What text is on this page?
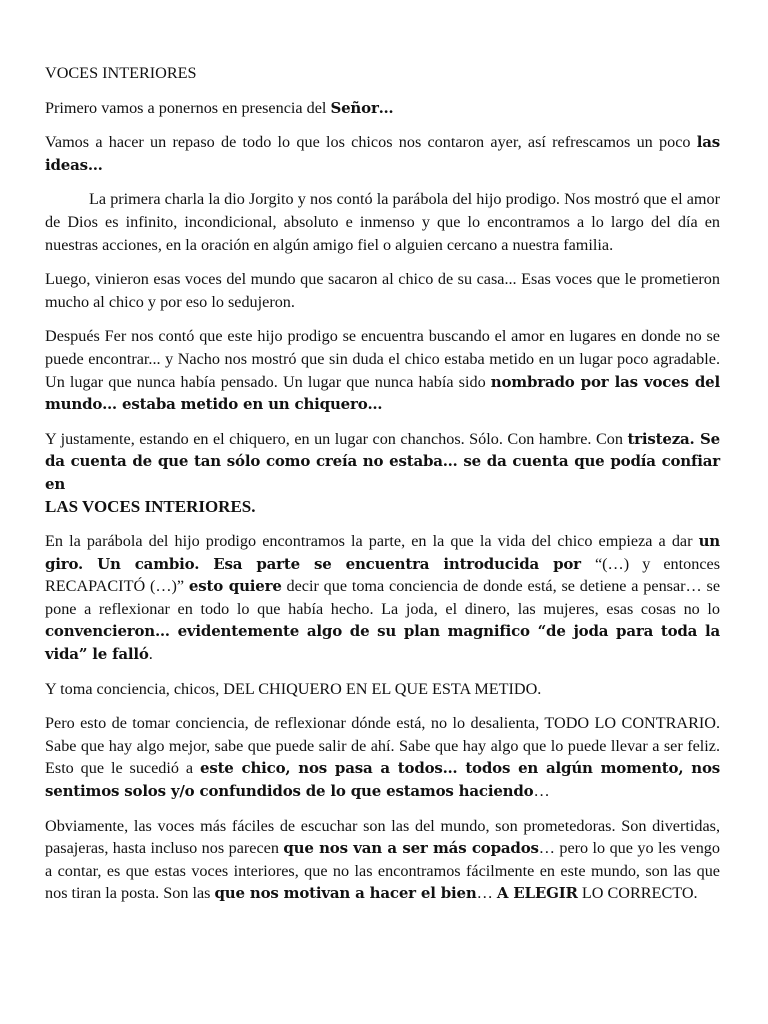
VOCES INTERIORES

Primero vamos a ponernos en presencia del Señor…

Vamos a hacer un repaso de todo lo que los chicos nos contaron ayer, así refrescamos un poco las ideas…

La primera charla la dio Jorgito y nos contó la parábola del hijo prodigo. Nos mostró que el amor de Dios es infinito, incondicional, absoluto e inmenso y que lo encontramos a lo largo del día en nuestras acciones, en la oración en algún amigo fiel o alguien cercano a nuestra familia.

Luego, vinieron esas voces del mundo que sacaron al chico de su casa... Esas voces que le prometieron mucho al chico y por eso lo sedujeron.

Después Fer nos contó que este hijo prodigo se encuentra buscando el amor en lugares en donde no se puede encontrar... y Nacho nos mostró que sin duda el chico estaba metido en un lugar poco agradable. Un lugar que nunca había pensado. Un lugar que nunca había sido nombrado por las voces del mundo… estaba metido en un chiquero…

Y justamente, estando en el chiquero, en un lugar con chanchos. Sólo. Con hambre. Con tristeza. Se da cuenta de que tan sólo como creía no estaba… se da cuenta que podía confiar en
LAS VOCES INTERIORES.

En la parábola del hijo prodigo encontramos la parte, en la que la vida del chico empieza a dar un giro. Un cambio. Esa parte se encuentra introducida por “(…) y entonces RECAPACITÓ (…)” esto quiere decir que toma conciencia de donde está, se detiene a pensar… se pone a reflexionar en todo lo que había hecho. La joda, el dinero, las mujeres, esas cosas no lo convencieron… evidentemente algo de su plan magnifico “de joda para toda la vida” le falló.

Y toma conciencia, chicos, DEL CHIQUERO EN EL QUE ESTA METIDO.

Pero esto de tomar conciencia, de reflexionar dónde está, no lo desalienta, TODO LO CONTRARIO. Sabe que hay algo mejor, sabe que puede salir de ahí. Sabe que hay algo que lo puede llevar a ser feliz. Esto que le sucedió a este chico, nos pasa a todos… todos en algún momento, nos sentimos solos y/o confundidos de lo que estamos haciendo…

Obviamente, las voces más fáciles de escuchar son las del mundo, son prometedoras. Son divertidas, pasajeras, hasta incluso nos parecen que nos van a ser más copados… pero lo que yo les vengo a contar, es que estas voces interiores, que no las encontramos fácilmente en este mundo, son las que nos tiran la posta. Son las que nos motivan a hacer el bien… A ELEGIR LO CORRECTO.
